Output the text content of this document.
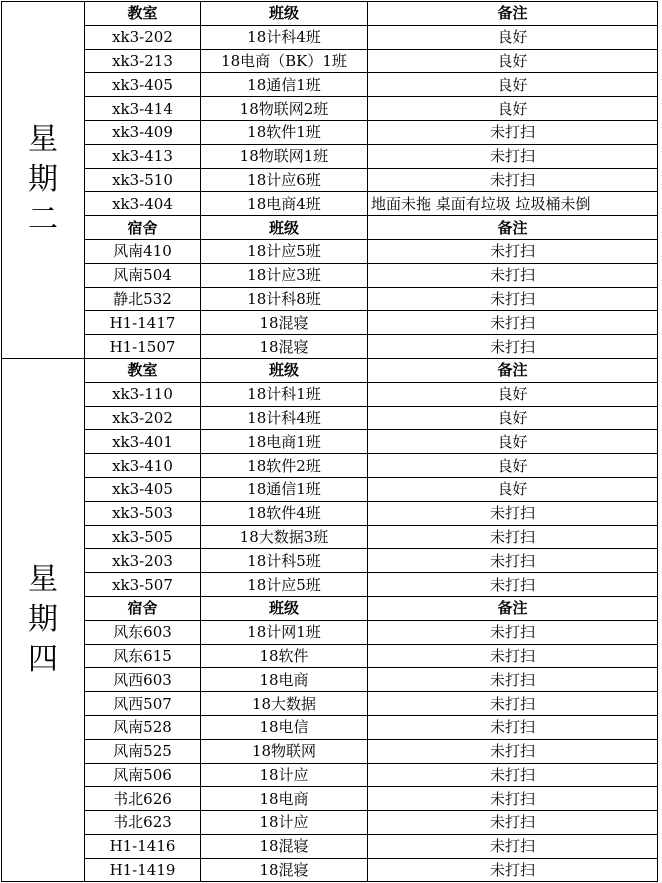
星期二	教室	班级	备注
	xk3-202	18计科4班	良好
	xk3-213	18电商（BK）1班	良好
	xk3-405	18通信1班	良好
	xk3-414	18物联网2班	良好
	xk3-409	18软件1班	未打扫
	xk3-413	18物联网1班	未打扫
	xk3-510	18计应6班	未打扫
	xk3-404	18电商4班	地面未拖 桌面有垃圾 垃圾桶未倒
	宿舍	班级	备注
	风南410	18计应5班	未打扫
	风南504	18计应3班	未打扫
	静北532	18计科8班	未打扫
	H1-1417	18混寝	未打扫
	H1-1507	18混寝	未打扫
星期四	教室	班级	备注
	xk3-110	18计科1班	良好
	xk3-202	18计科4班	良好
	xk3-401	18电商1班	良好
	xk3-410	18软件2班	良好
	xk3-405	18通信1班	良好
	xk3-503	18软件4班	未打扫
	xk3-505	18大数据3班	未打扫
	xk3-203	18计科5班	未打扫
	xk3-507	18计应5班	未打扫
	宿舍	班级	备注
	风东603	18计网1班	未打扫
	风东615	18软件	未打扫
	风西603	18电商	未打扫
	风西507	18大数据	未打扫
	风南528	18电信	未打扫
	风南525	18物联网	未打扫
	风南506	18计应	未打扫
	书北626	18电商	未打扫
	书北623	18计应	未打扫
	H1-1416	18混寝	未打扫
	H1-1419	18混寝	未打扫
